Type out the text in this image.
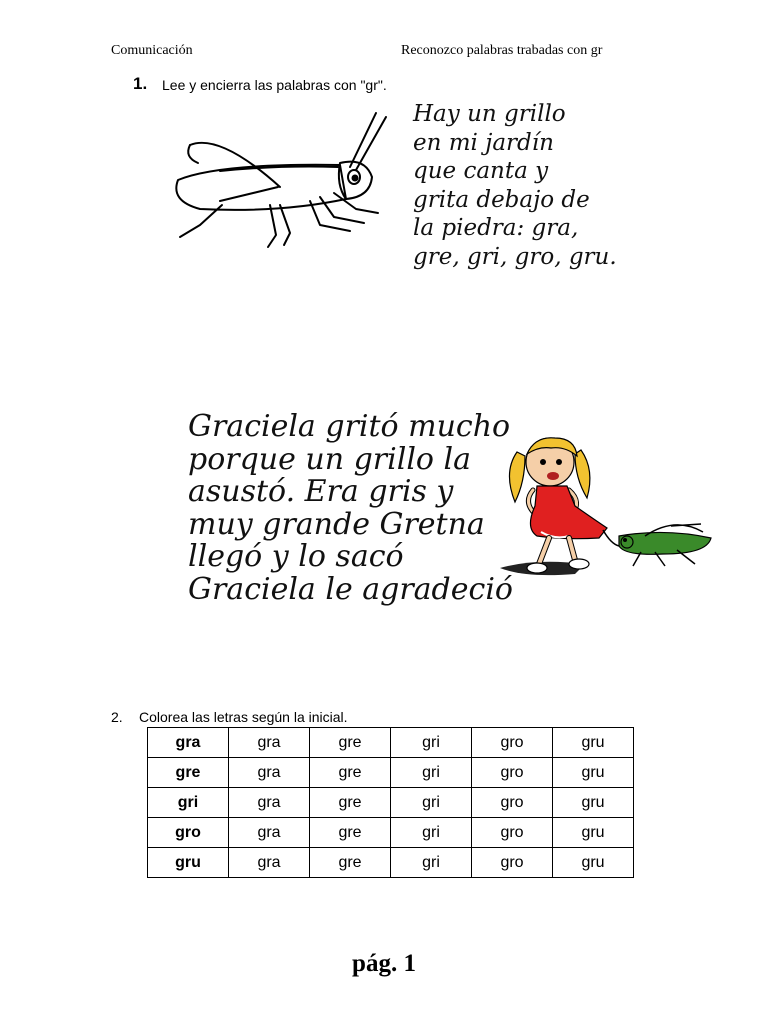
Comunicación	Reconozco palabras trabadas con gr
1. Lee y encierra las palabras con "gr".
Hay un grillo
en mi jardín
que canta y
grita debajo de
la piedra: gra,
gre, gri, gro, gru.
Graciela gritó mucho
porque un grillo la
asustó. Era gris y
muy grande Gretna
llegó y lo sacó
Graciela le agradeció
2. Colorea las letras según la inicial.
gra	gra	gre	gri	gro	gru
gre	gra	gre	gri	gro	gru
gri	gra	gre	gri	gro	gru
gro	gra	gre	gri	gro	gru
gru	gra	gre	gri	gro	gru
pág. 1
